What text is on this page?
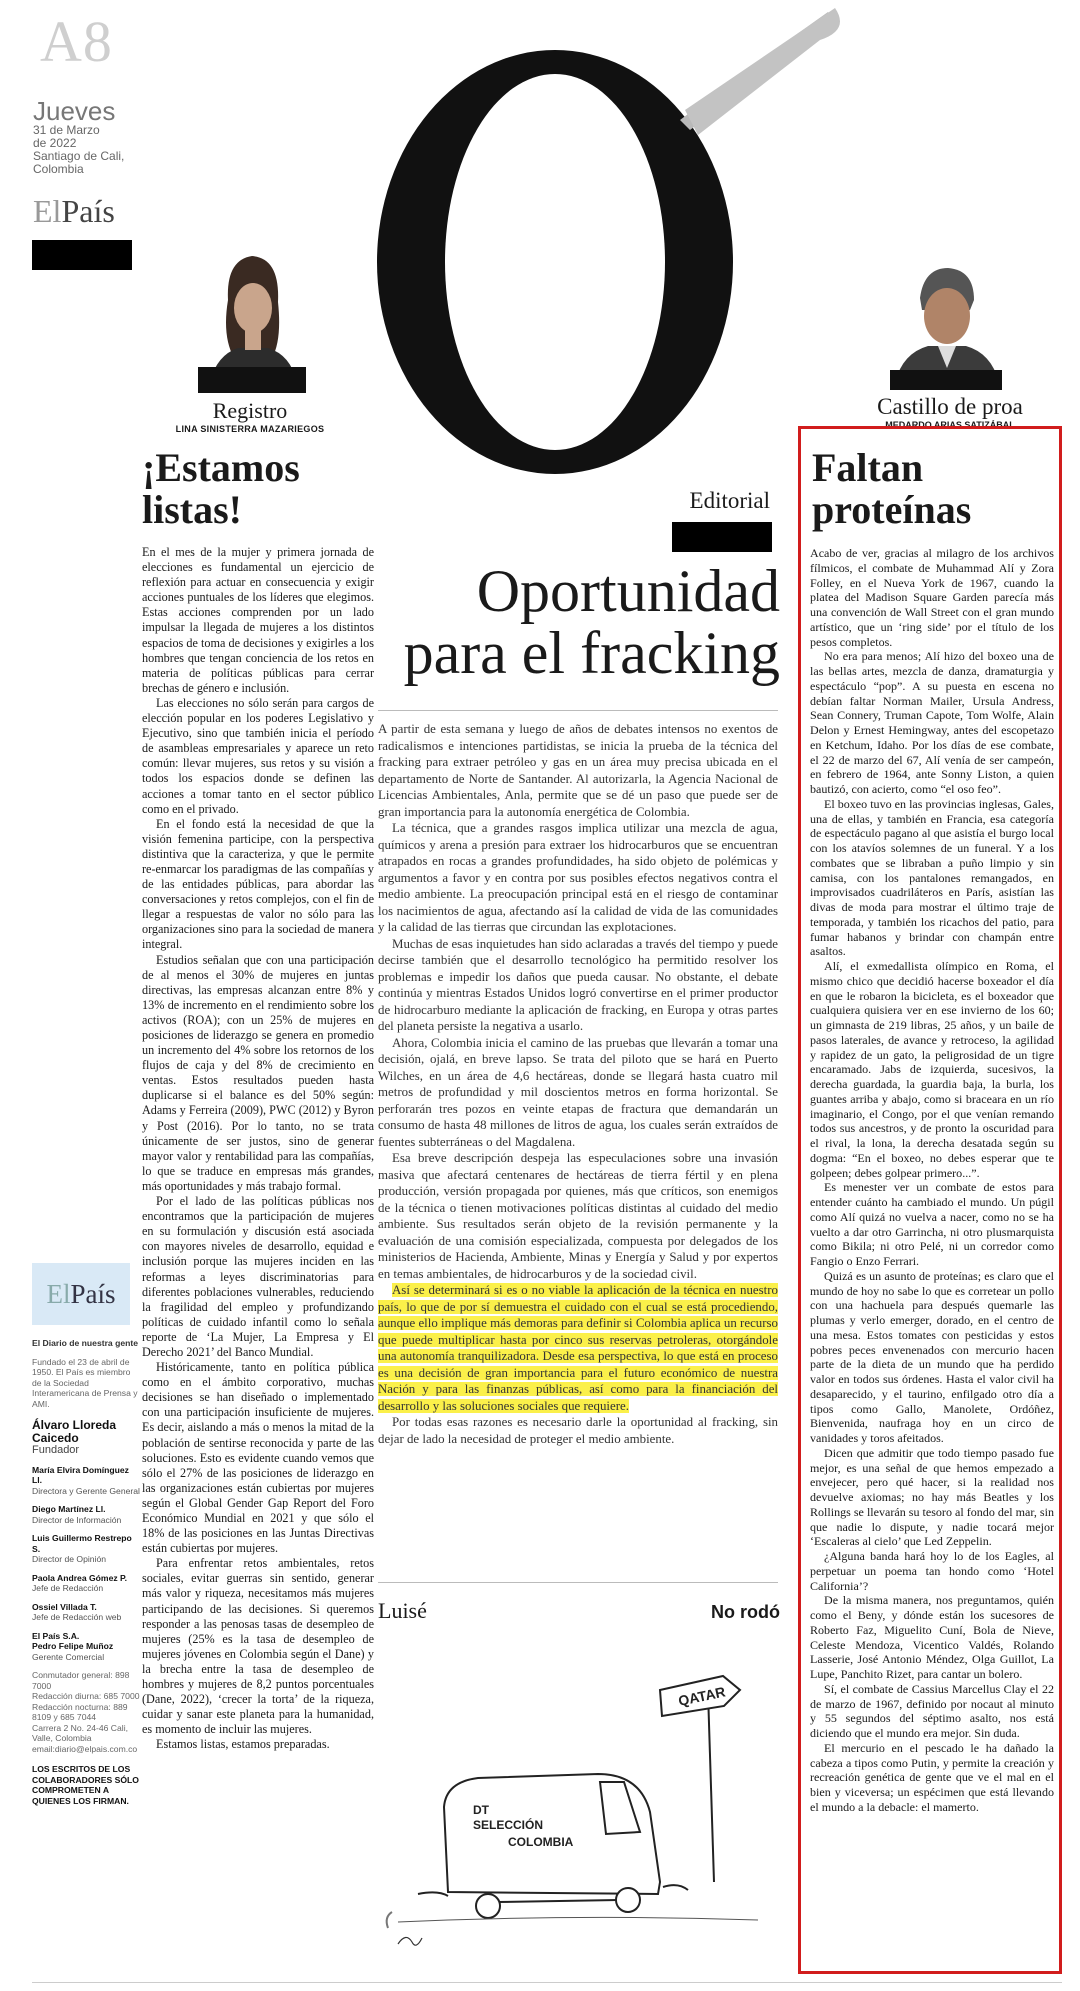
A8
Jueves
31 de Marzo
de 2022
Santiago de Cali,
Colombia
ElPaís
Registro
LINA SINISTERRA MAZARIEGOS
Castillo de proa
MEDARDO ARIAS SATIZÁBAL
¡Estamos listas!

En el mes de la mujer y primera jornada de elecciones es fundamental un ejercicio de reflexión para actuar en consecuencia y exigir acciones puntuales de los líderes que elegimos. Estas acciones comprenden por un lado impulsar la llegada de mujeres a los distintos espacios de toma de decisiones y exigirles a los hombres que tengan conciencia de los retos en materia de políticas públicas para cerrar brechas de género e inclusión.

Las elecciones no sólo serán para cargos de elección popular en los poderes Legislativo y Ejecutivo, sino que también inicia el período de asambleas empresariales y aparece un reto común: llevar mujeres, sus retos y su visión a todos los espacios donde se definen las acciones a tomar tanto en el sector público como en el privado.

En el fondo está la necesidad de que la visión femenina participe, con la perspectiva distintiva que la caracteriza, y que le permite re-enmarcar los paradigmas de las compañías y de las entidades públicas, para abordar las conversaciones y retos complejos, con el fin de llegar a respuestas de valor no sólo para las organizaciones sino para la sociedad de manera integral.

Estudios señalan que con una participación de al menos el 30% de mujeres en juntas directivas, las empresas alcanzan entre 8% y 13% de incremento en el rendimiento sobre los activos (ROA); con un 25% de mujeres en posiciones de liderazgo se genera en promedio un incremento del 4% sobre los retornos de los flujos de caja y del 8% de crecimiento en ventas. Estos resultados pueden hasta duplicarse si el balance es del 50% según: Adams y Ferreira (2009), PWC (2012) y Byron y Post (2016). Por lo tanto, no se trata únicamente de ser justos, sino de generar mayor valor y rentabilidad para las compañías, lo que se traduce en empresas más grandes, más oportunidades y más trabajo formal.

Por el lado de las políticas públicas nos encontramos que la participación de mujeres en su formulación y discusión está asociada con mayores niveles de desarrollo, equidad e inclusión porque las mujeres inciden en las reformas a leyes discriminatorias para diferentes poblaciones vulnerables, reduciendo la fragilidad del empleo y profundizando políticas de cuidado infantil como lo señala reporte de ‘La Mujer, La Empresa y El Derecho 2021’ del Banco Mundial.

Históricamente, tanto en política pública como en el ámbito corporativo, muchas decisiones se han diseñado o implementado con una participación insuficiente de mujeres. Es decir, aislando a más o menos la mitad de la población de sentirse reconocida y parte de las soluciones. Esto es evidente cuando vemos que sólo el 27% de las posiciones de liderazgo en las organizaciones están cubiertas por mujeres según el Global Gender Gap Report del Foro Económico Mundial en 2021 y que sólo el 18% de las posiciones en las Juntas Directivas están cubiertas por mujeres.

Para enfrentar retos ambientales, retos sociales, evitar guerras sin sentido, generar más valor y riqueza, necesitamos más mujeres participando de las decisiones. Si queremos responder a las penosas tasas de desempleo de mujeres (25% es la tasa de desempleo de mujeres jóvenes en Colombia según el Dane) y la brecha entre la tasa de desempleo de hombres y mujeres de 8,2 puntos porcentuales (Dane, 2022), ‘crecer la torta’ de la riqueza, cuidar y sanar este planeta para la humanidad, es momento de incluir las mujeres.

Estamos listas, estamos preparadas.

Editorial
Oportunidad
para el fracking

A partir de esta semana y luego de años de debates intensos no exentos de radicalismos e intenciones partidistas, se inicia la prueba de la técnica del fracking para extraer petróleo y gas en un área muy precisa ubicada en el departamento de Norte de Santander. Al autorizarla, la Agencia Nacional de Licencias Ambientales, Anla, permite que se dé un paso que puede ser de gran importancia para la autonomía energética de Colombia.

La técnica, que a grandes rasgos implica utilizar una mezcla de agua, químicos y arena a presión para extraer los hidrocarburos que se encuentran atrapados en rocas a grandes profundidades, ha sido objeto de polémicas y argumentos a favor y en contra por sus posibles efectos negativos contra el medio ambiente. La preocupación principal está en el riesgo de contaminar los nacimientos de agua, afectando así la calidad de vida de las comunidades y la calidad de las tierras que circundan las explotaciones.

Muchas de esas inquietudes han sido aclaradas a través del tiempo y puede decirse también que el desarrollo tecnológico ha permitido resolver los problemas e impedir los daños que pueda causar. No obstante, el debate continúa y mientras Estados Unidos logró convertirse en el primer productor de hidrocarburo mediante la aplicación de fracking, en Europa y otras partes del planeta persiste la negativa a usarlo.

Ahora, Colombia inicia el camino de las pruebas que llevarán a tomar una decisión, ojalá, en breve lapso. Se trata del piloto que se hará en Puerto Wilches, en un área de 4,6 hectáreas, donde se llegará hasta cuatro mil metros de profundidad y mil doscientos metros en forma horizontal. Se perforarán tres pozos en veinte etapas de fractura que demandarán un consumo de hasta 48 millones de litros de agua, los cuales serán extraídos de fuentes subterráneas o del Magdalena.

Esa breve descripción despeja las especulaciones sobre una invasión masiva que afectará centenares de hectáreas de tierra fértil y en plena producción, versión propagada por quienes, más que críticos, son enemigos de la técnica o tienen motivaciones políticas distintas al cuidado del medio ambiente. Sus resultados serán objeto de la revisión permanente y la evaluación de una comisión especializada, compuesta por delegados de los ministerios de Hacienda, Ambiente, Minas y Energía y Salud y por expertos en temas ambientales, de hidrocarburos y de la sociedad civil.

Así se determinará si es o no viable la aplicación de la técnica en nuestro país, lo que de por sí demuestra el cuidado con el cual se está procediendo, aunque ello implique más demoras para definir si Colombia aplica un recurso que puede multiplicar hasta por cinco sus reservas petroleras, otorgándole una autonomía tranquilizadora. Desde esa perspectiva, lo que está en proceso es una decisión de gran importancia para el futuro económico de nuestra Nación y para las finanzas públicas, así como para la financiación del desarrollo y las soluciones sociales que requiere.

Por todas esas razones es necesario darle la oportunidad al fracking, sin dejar de lado la necesidad de proteger el medio ambiente.

Luisé	No rodó
QATAR
DT
SELECCIÓN
COLOMBIA
ElPaís
El Diario de nuestra gente
Fundado el 23 de abril de 1950. El País es miembro de la Sociedad Interamericana de Prensa y AMI.
Álvaro Lloreda Caicedo
Fundador
María Elvira Domínguez Ll.
Directora y Gerente General
Diego Martínez Ll.
Director de Información
Luis Guillermo Restrepo S.
Director de Opinión
Paola Andrea Gómez P.
Jefe de Redacción
Ossiel Villada T.
Jefe de Redacción web
El País S.A.
Pedro Felipe Muñoz
Gerente Comercial
Conmutador general: 898 7000
Redacción diurna: 685 7000
Redacción nocturna: 889 8109 y 685 7044
Carrera 2 No. 24-46 Cali, Valle, Colombia
email:diario@elpais.com.co
LOS ESCRITOS DE LOS COLABORADORES SÓLO COMPROMETEN A QUIENES LOS FIRMAN.
Faltan proteínas

Acabo de ver, gracias al milagro de los archivos fílmicos, el combate de Muhammad Alí y Zora Folley, en el Nueva York de 1967, cuando la platea del Madison Square Garden parecía más una convención de Wall Street con el gran mundo artístico, que un ‘ring side’ por el título de los pesos completos.

No era para menos; Alí hizo del boxeo una de las bellas artes, mezcla de danza, dramaturgia y espectáculo “pop”. A su puesta en escena no debían faltar Norman Mailer, Ursula Andress, Sean Connery, Truman Capote, Tom Wolfe, Alain Delon y Ernest Hemingway, antes del escopetazo en Ketchum, Idaho. Por los días de ese combate, el 22 de marzo del 67, Alí venía de ser campeón, en febrero de 1964, ante Sonny Liston, a quien bautizó, con acierto, como “el oso feo”.

El boxeo tuvo en las provincias inglesas, Gales, una de ellas, y también en Francia, esa categoría de espectáculo pagano al que asistía el burgo local con los atavíos solemnes de un funeral. Y a los combates que se libraban a puño limpio y sin camisa, con los pantalones remangados, en improvisados cuadriláteros en París, asistían las divas de moda para mostrar el último traje de temporada, y también los ricachos del patio, para fumar habanos y brindar con champán entre asaltos.

Alí, el exmedallista olímpico en Roma, el mismo chico que decidió hacerse boxeador el día en que le robaron la bicicleta, es el boxeador que cualquiera quisiera ver en ese invierno de los 60; un gimnasta de 219 libras, 25 años, y un baile de pasos laterales, de avance y retroceso, la agilidad y rapidez de un gato, la peligrosidad de un tigre encaramado. Jabs de izquierda, sucesivos, la derecha guardada, la guardia baja, la burla, los guantes arriba y abajo, como si bracearа en un río imaginario, el Congo, por el que venían remando todos sus ancestros, y de pronto la oscuridad para el rival, la lona, la derecha desatada según su dogma: “En el boxeo, no debes esperar que te golpeen; debes golpear primero...”.

Es menester ver un combate de estos para entender cuánto ha cambiado el mundo. Un púgil como Alí quizá no vuelva a nacer, como no se ha vuelto a dar otro Garrincha, ni otro plusmarquista como Bikila; ni otro Pelé, ni un corredor como Fangio o Enzo Ferrari.

Quizá es un asunto de proteínas; es claro que el mundo de hoy no sabe lo que es corretear un pollo con una hachuela para después quemarle las plumas y verlo emerger, dorado, en el centro de una mesa. Estos tomates con pesticidas y estos pobres peces envenenados con mercurio hacen parte de la dieta de un mundo que ha perdido valor en todos sus órdenes. Hasta el valor civil ha desaparecido, y el taurino, enfilgado otro día a tipos como Gallo, Manolete, Ordóñez, Bienvenida, naufraga hoy en un circo de vanidades y toros afeitados.

Dicen que admitir que todo tiempo pasado fue mejor, es una señal de que hemos empezado a envejecer, pero qué hacer, si la realidad nos devuelve axiomas; no hay más Beatles y los Rollings se llevarán su tesoro al fondo del mar, sin que nadie lo dispute, y nadie tocará mejor ‘Escaleras al cielo’ que Led Zeppelin.

¿Alguna banda hará hoy lo de los Eagles, al perpetuar un poema tan hondo como ‘Hotel California’?

De la misma manera, nos preguntamos, quién como el Beny, y dónde están los sucesores de Roberto Faz, Miguelito Cuní, Bola de Nieve, Celeste Mendoza, Vicentico Valdés, Rolando Lasserie, José Antonio Méndez, Olga Guillot, La Lupe, Panchito Rizet, para cantar un bolero.

Sí, el combate de Cassius Marcellus Clay el 22 de marzo de 1967, definido por nocaut al minuto y 55 segundos del séptimo asalto, nos está diciendo que el mundo era mejor. Sin duda.

El mercurio en el pescado le ha dañado la cabeza a tipos como Putin, y permite la creación y recreación genética de gente que ve el mal en el bien y viceversa; un espécimen que está llevando el mundo a la debacle: el mamerto.
